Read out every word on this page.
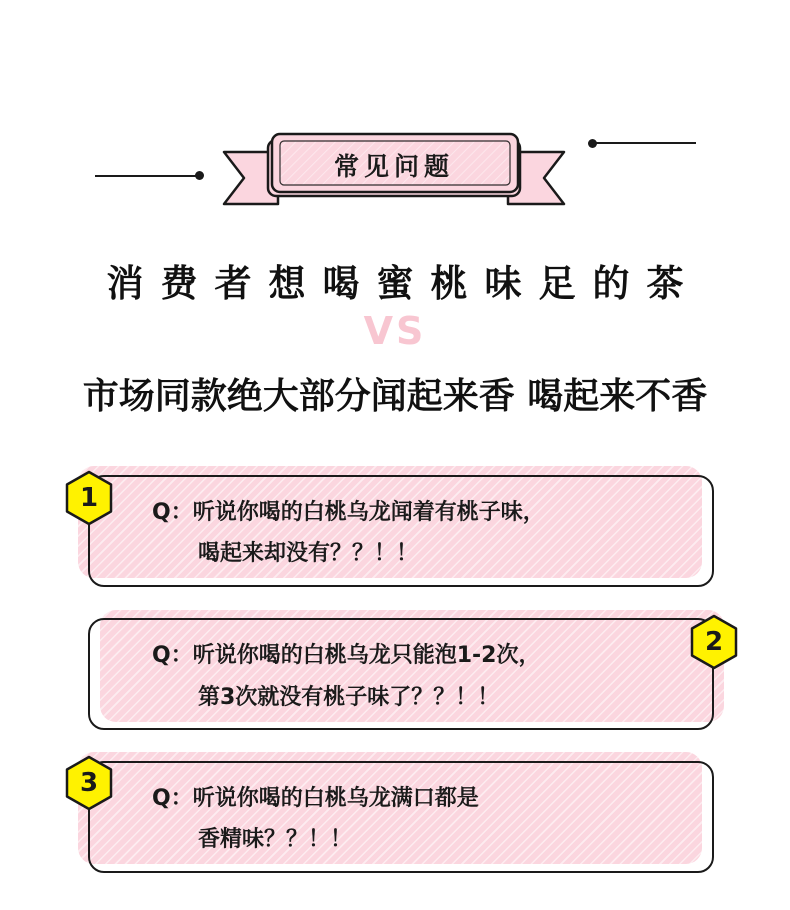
常见问题
消费者想喝蜜桃味足的茶
VS
市场同款绝大部分闻起来香 喝起来不香
Q：听说你喝的白桃乌龙闻着有桃子味，
喝起来却没有？？！！
1
Q：听说你喝的白桃乌龙只能泡1-2次，
第3次就没有桃子味了？？！！
2
Q：听说你喝的白桃乌龙满口都是
香精味？？！！
3
